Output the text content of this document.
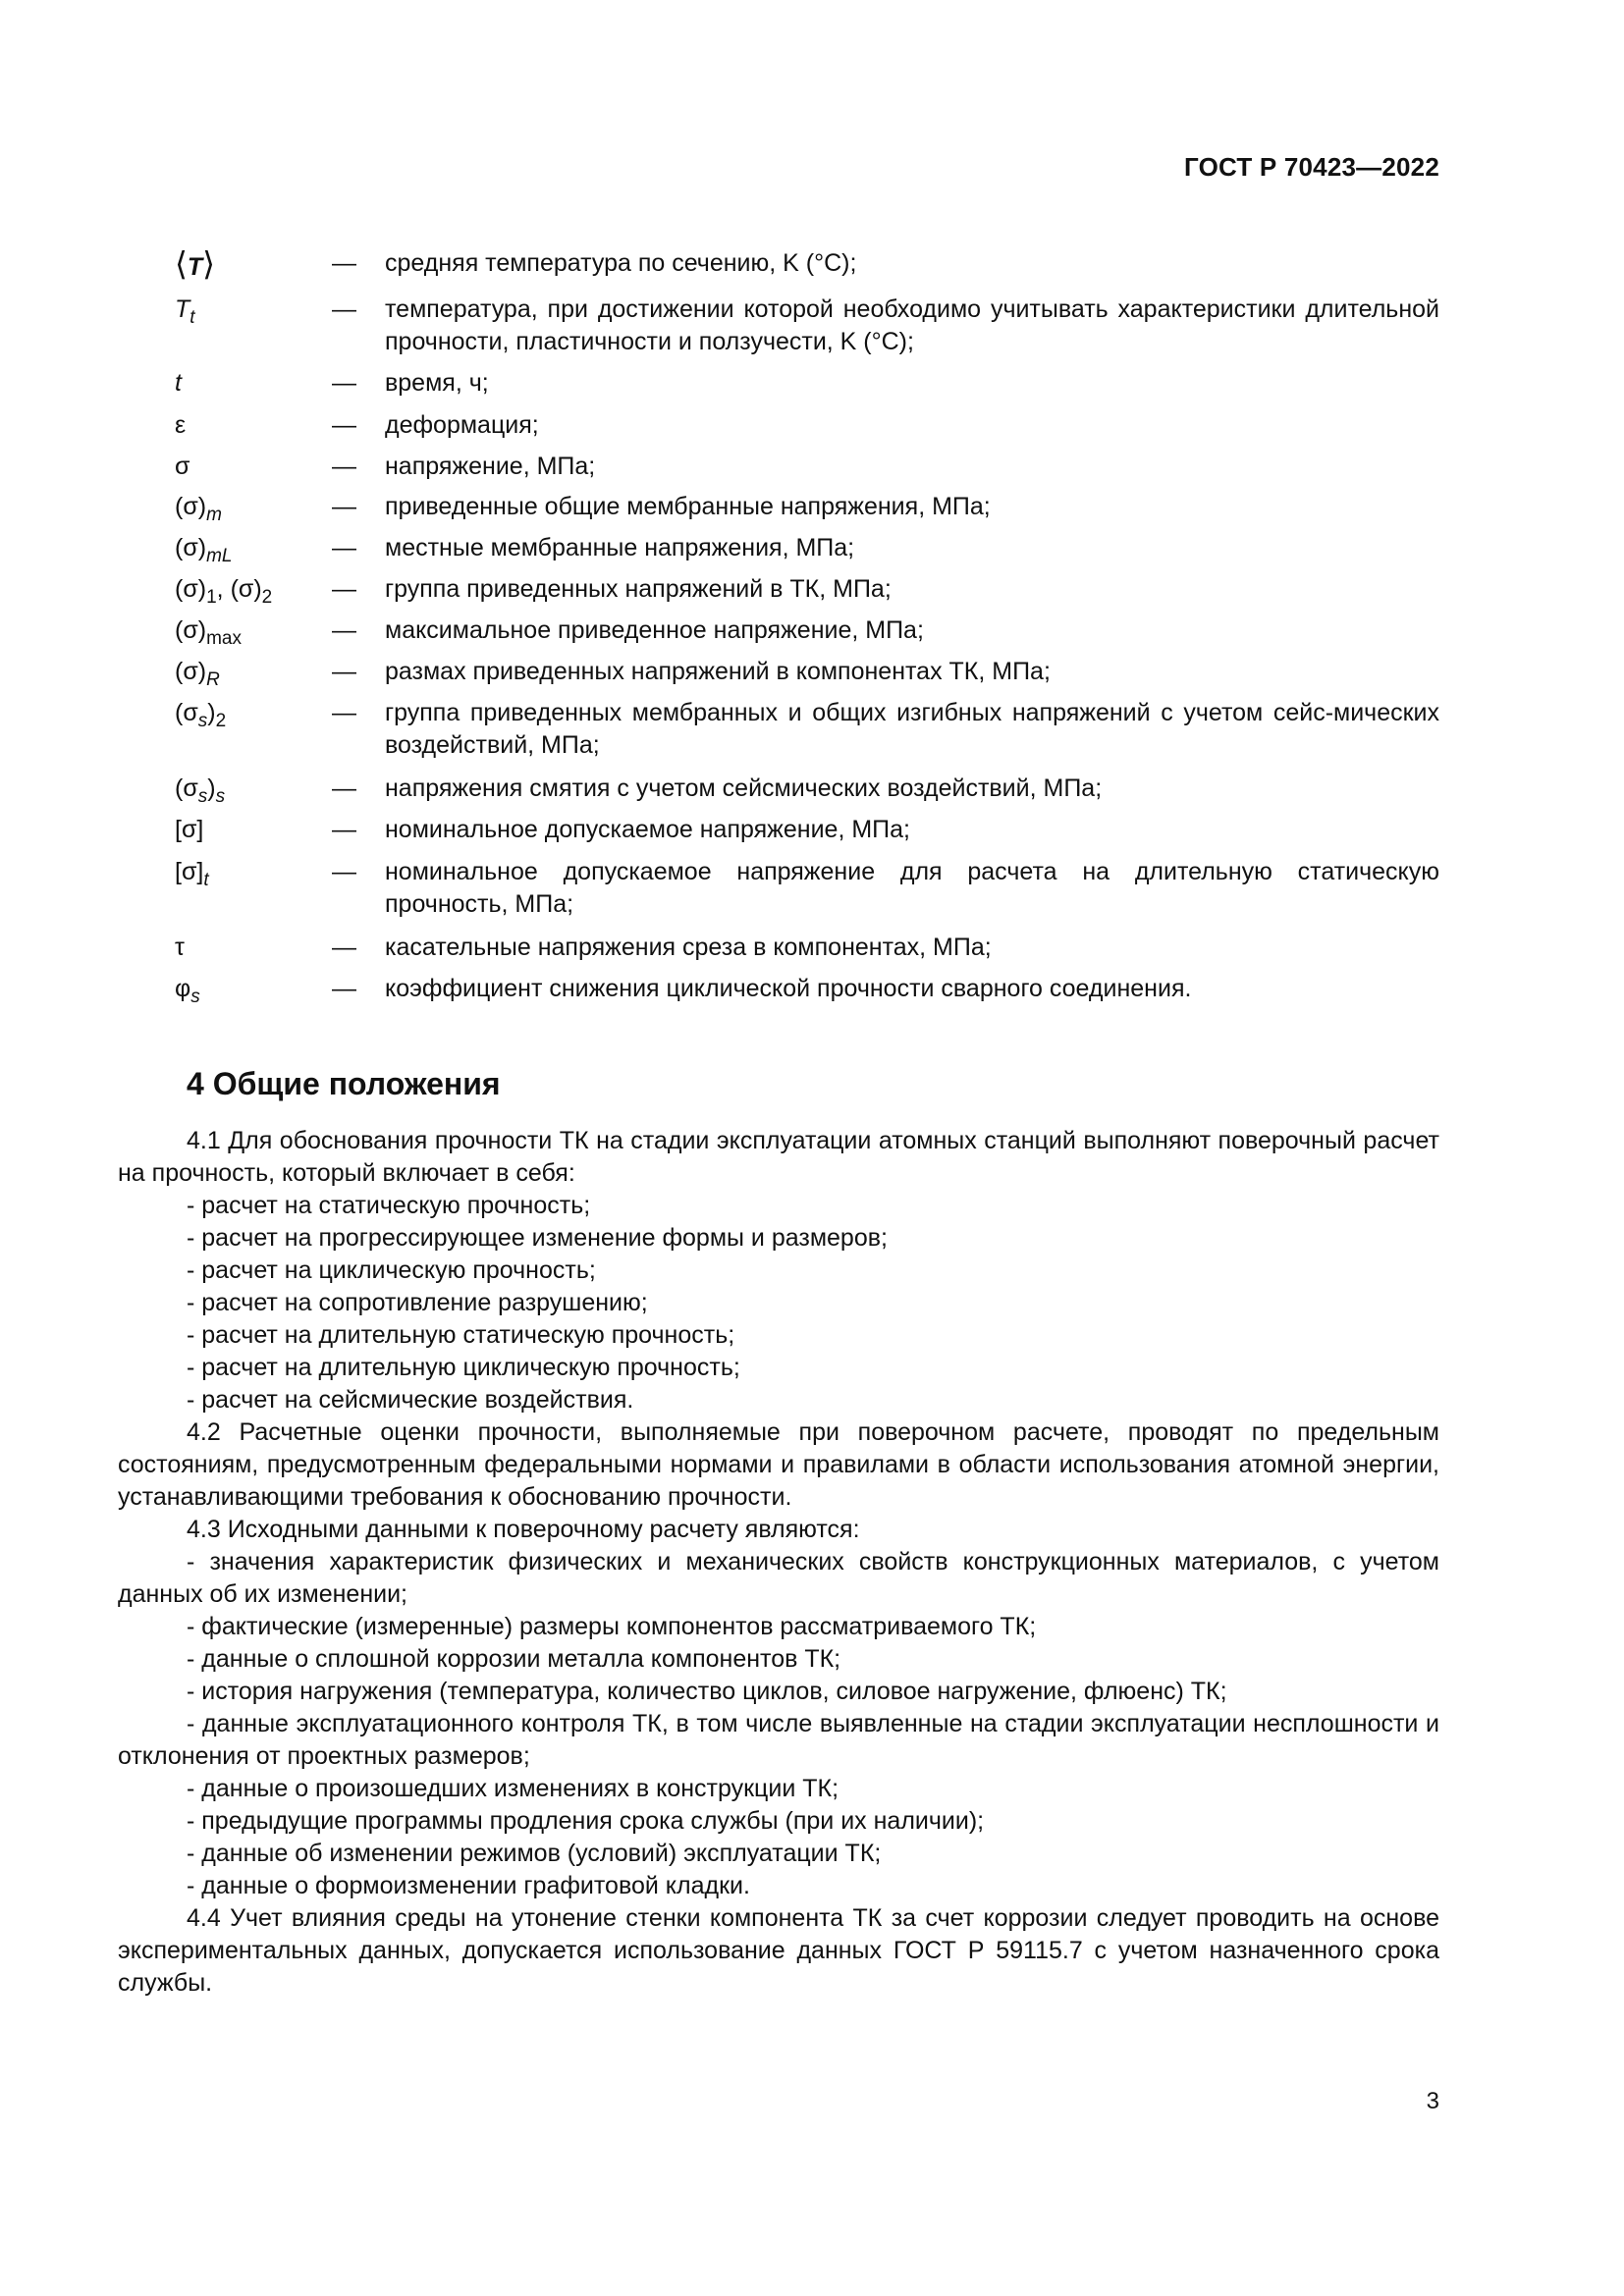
ГОСТ Р 70423—2022
⟨T⟩	—	средняя температура по сечению, K (°С);
$T_t$	—	температура, при достижении которой необходимо учитывать характеристики длительной прочности, пластичности и ползучести, K (°С);
t	—	время, ч;
ε	—	деформация;
σ	—	напряжение, МПа;
$(\sigma)_m$	—	приведенные общие мембранные напряжения, МПа;
$(\sigma)_{mL}$	—	местные мембранные напряжения, МПа;
$(\sigma)_1$, $(\sigma)_2$	—	группа приведенных напряжений в ТК, МПа;
$(\sigma)_{max}$	—	максимальное приведенное напряжение, МПа;
$(\sigma)_R$	—	размах приведенных напряжений в компонентах ТК, МПа;
$(\sigma_s)_2$	—	группа приведенных мембранных и общих изгибных напряжений с учетом сейс-мических воздействий, МПа;
$(\sigma_s)_s$	—	напряжения смятия с учетом сейсмических воздействий, МПа;
[σ]	—	номинальное допускаемое напряжение, МПа;
$[\sigma]_t$	—	номинальное допускаемое напряжение для расчета на длительную статическую прочность, МПа;
τ	—	касательные напряжения среза в компонентах, МПа;
$\varphi_s$	—	коэффициент снижения циклической прочности сварного соединения.
4 Общие положения

4.1 Для обоснования прочности ТК на стадии эксплуатации атомных станций выполняют поверочный расчет на прочность, который включает в себя:

- расчет на статическую прочность;

- расчет на прогрессирующее изменение формы и размеров;

- расчет на циклическую прочность;

- расчет на сопротивление разрушению;

- расчет на длительную статическую прочность;

- расчет на длительную циклическую прочность;

- расчет на сейсмические воздействия.

4.2 Расчетные оценки прочности, выполняемые при поверочном расчете, проводят по предельным состояниям, предусмотренным федеральными нормами и правилами в области использования атомной энергии, устанавливающими требования к обоснованию прочности.

4.3 Исходными данными к поверочному расчету являются:

- значения характеристик физических и механических свойств конструкционных материалов, с учетом данных об их изменении;

- фактические (измеренные) размеры компонентов рассматриваемого ТК;

- данные о сплошной коррозии металла компонентов ТК;

- история нагружения (температура, количество циклов, силовое нагружение, флюенс) ТК;

- данные эксплуатационного контроля ТК, в том числе выявленные на стадии эксплуатации несплошности и отклонения от проектных размеров;

- данные о произошедших изменениях в конструкции ТК;

- предыдущие программы продления срока службы (при их наличии);

- данные об изменении режимов (условий) эксплуатации ТК;

- данные о формоизменении графитовой кладки.

4.4 Учет влияния среды на утонение стенки компонента ТК за счет коррозии следует проводить на основе экспериментальных данных, допускается использование данных ГОСТ Р 59115.7 с учетом назначенного срока службы.

3
